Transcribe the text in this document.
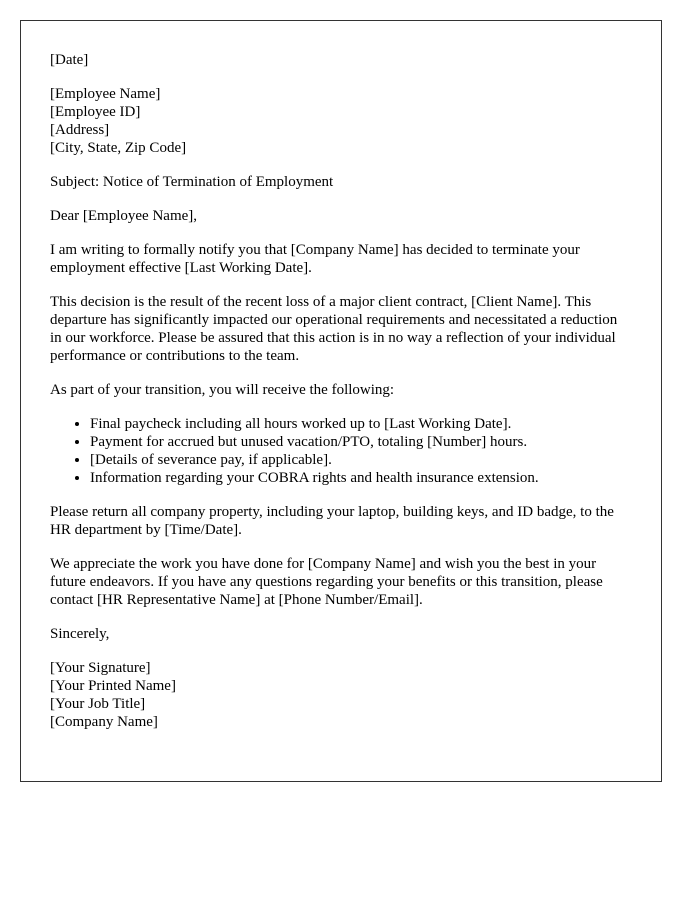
[Date]

[Employee Name]
[Employee ID]
[Address]
[City, State, Zip Code]

Subject: Notice of Termination of Employment

Dear [Employee Name],

I am writing to formally notify you that [Company Name] has decided to terminate your employment effective [Last Working Date].

This decision is the result of the recent loss of a major client contract, [Client Name]. This departure has significantly impacted our operational requirements and necessitated a reduction in our workforce. Please be assured that this action is in no way a reflection of your individual performance or contributions to the team.

As part of your transition, you will receive the following:

• Final paycheck including all hours worked up to [Last Working Date].
• Payment for accrued but unused vacation/PTO, totaling [Number] hours.
• [Details of severance pay, if applicable].
• Information regarding your COBRA rights and health insurance extension.

Please return all company property, including your laptop, building keys, and ID badge, to the HR department by [Time/Date].

We appreciate the work you have done for [Company Name] and wish you the best in your future endeavors. If you have any questions regarding your benefits or this transition, please contact [HR Representative Name] at [Phone Number/Email].

Sincerely,

[Your Signature]
[Your Printed Name]
[Your Job Title]
[Company Name]
